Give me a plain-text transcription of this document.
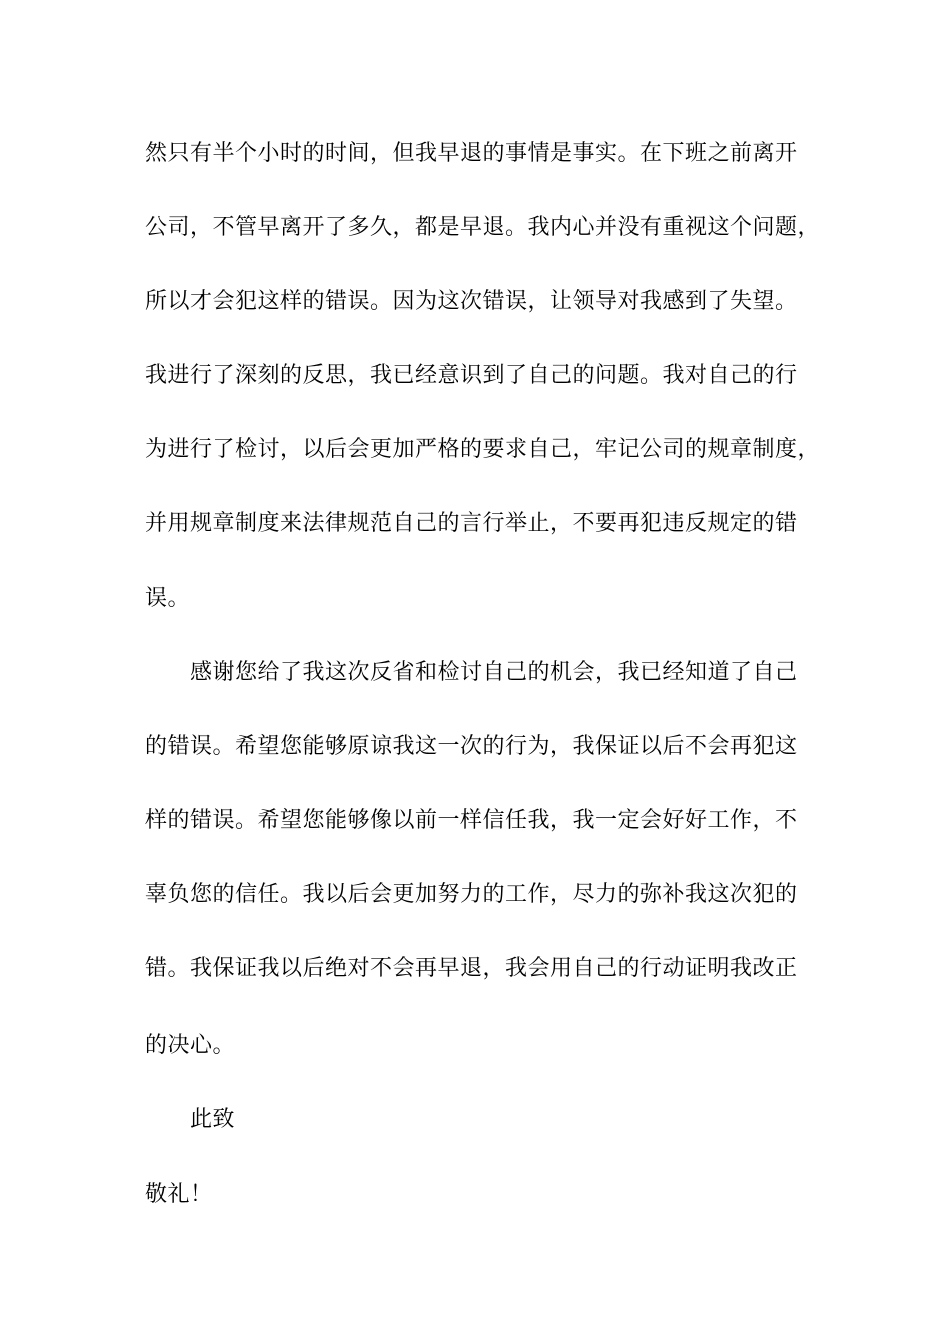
然只有半个小时的时间，但我早退的事情是事实。在下班之前离开
公司，不管早离开了多久，都是早退。我内心并没有重视这个问题，
所以才会犯这样的错误。因为这次错误，让领导对我感到了失望。
我进行了深刻的反思，我已经意识到了自己的问题。我对自己的行
为进行了检讨，以后会更加严格的要求自己，牢记公司的规章制度，
并用规章制度来法律规范自己的言行举止，不要再犯违反规定的错
误。
感谢您给了我这次反省和检讨自己的机会，我已经知道了自己
的错误。希望您能够原谅我这一次的行为，我保证以后不会再犯这
样的错误。希望您能够像以前一样信任我，我一定会好好工作，不
辜负您的信任。我以后会更加努力的工作，尽力的弥补我这次犯的
错。我保证我以后绝对不会再早退，我会用自己的行动证明我改正
的决心。
此致
敬礼！
